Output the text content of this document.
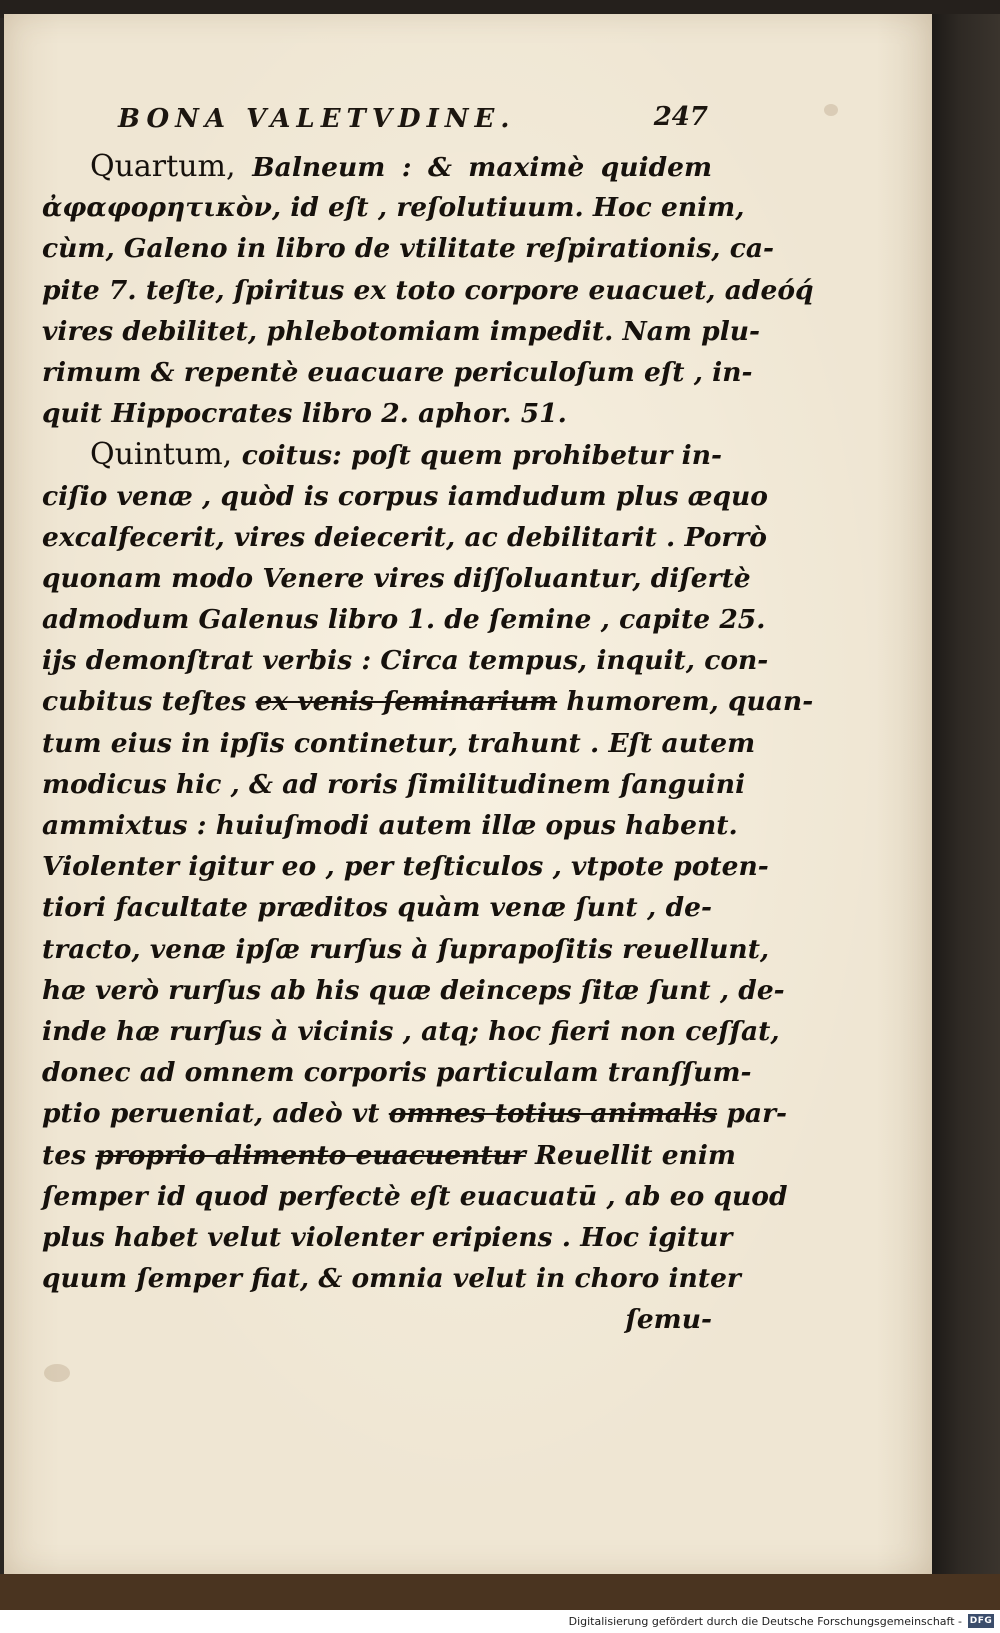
BONA VALETVDINE.	247
Quartum, Balneum : & maximè quidem
ἀφαφορητικὸν, id eſt , reſolutiuum. Hoc enim,
cùm, Galeno in libro de vtilitate reſpirationis, ca-
pite 7. teſte, ſpiritus ex toto corpore euacuet, adeóq́
vires debilitet, phlebotomiam impedit. Nam plu-
rimum & repentè euacuare periculoſum eſt , in-
quit Hippocrates libro 2. aphor. 51.
Quintum, coitus: poſt quem prohibetur in-
ciſio venæ , quòd is corpus iamdudum plus æquo
excalfecerit, vires deiecerit, ac debilitarit . Porrò
quonam modo Venere vires diſſoluantur, diſertè
admodum Galenus libro 1. de ſemine , capite 25.
ijs demonſtrat verbis : Circa tempus, inquit, con-
cubitus teſtes ex venis ſeminarium humorem, quan-
tum eius in ipſis continetur, trahunt . Eſt autem
modicus hic , & ad roris ſimilitudinem ſanguini
ammixtus : huiuſmodi autem illæ opus habent.
Violenter igitur eo , per teſticulos , vtpote poten-
tiori facultate præditos quàm venæ ſunt , de-
tracto, venæ ipſæ rurſus à ſuprapoſitis reuellunt,
hæ verò rurſus ab his quæ deinceps ſitæ ſunt , de-
inde hæ rurſus à vicinis , atq; hoc fieri non ceſſat,
donec ad omnem corporis particulam tranſſum-
ptio perueniat, adeò vt omnes totius animalis par-
tes proprio alimento euacuentur Reuellit enim
ſemper id quod perfectè eſt euacuatū , ab eo quod
plus habet velut violenter eripiens . Hoc igitur
quum ſemper fiat, & omnia velut in choro inter
ſemu-
Digitalisierung gefördert durch die Deutsche Forschungsgemeinschaft - DFG
